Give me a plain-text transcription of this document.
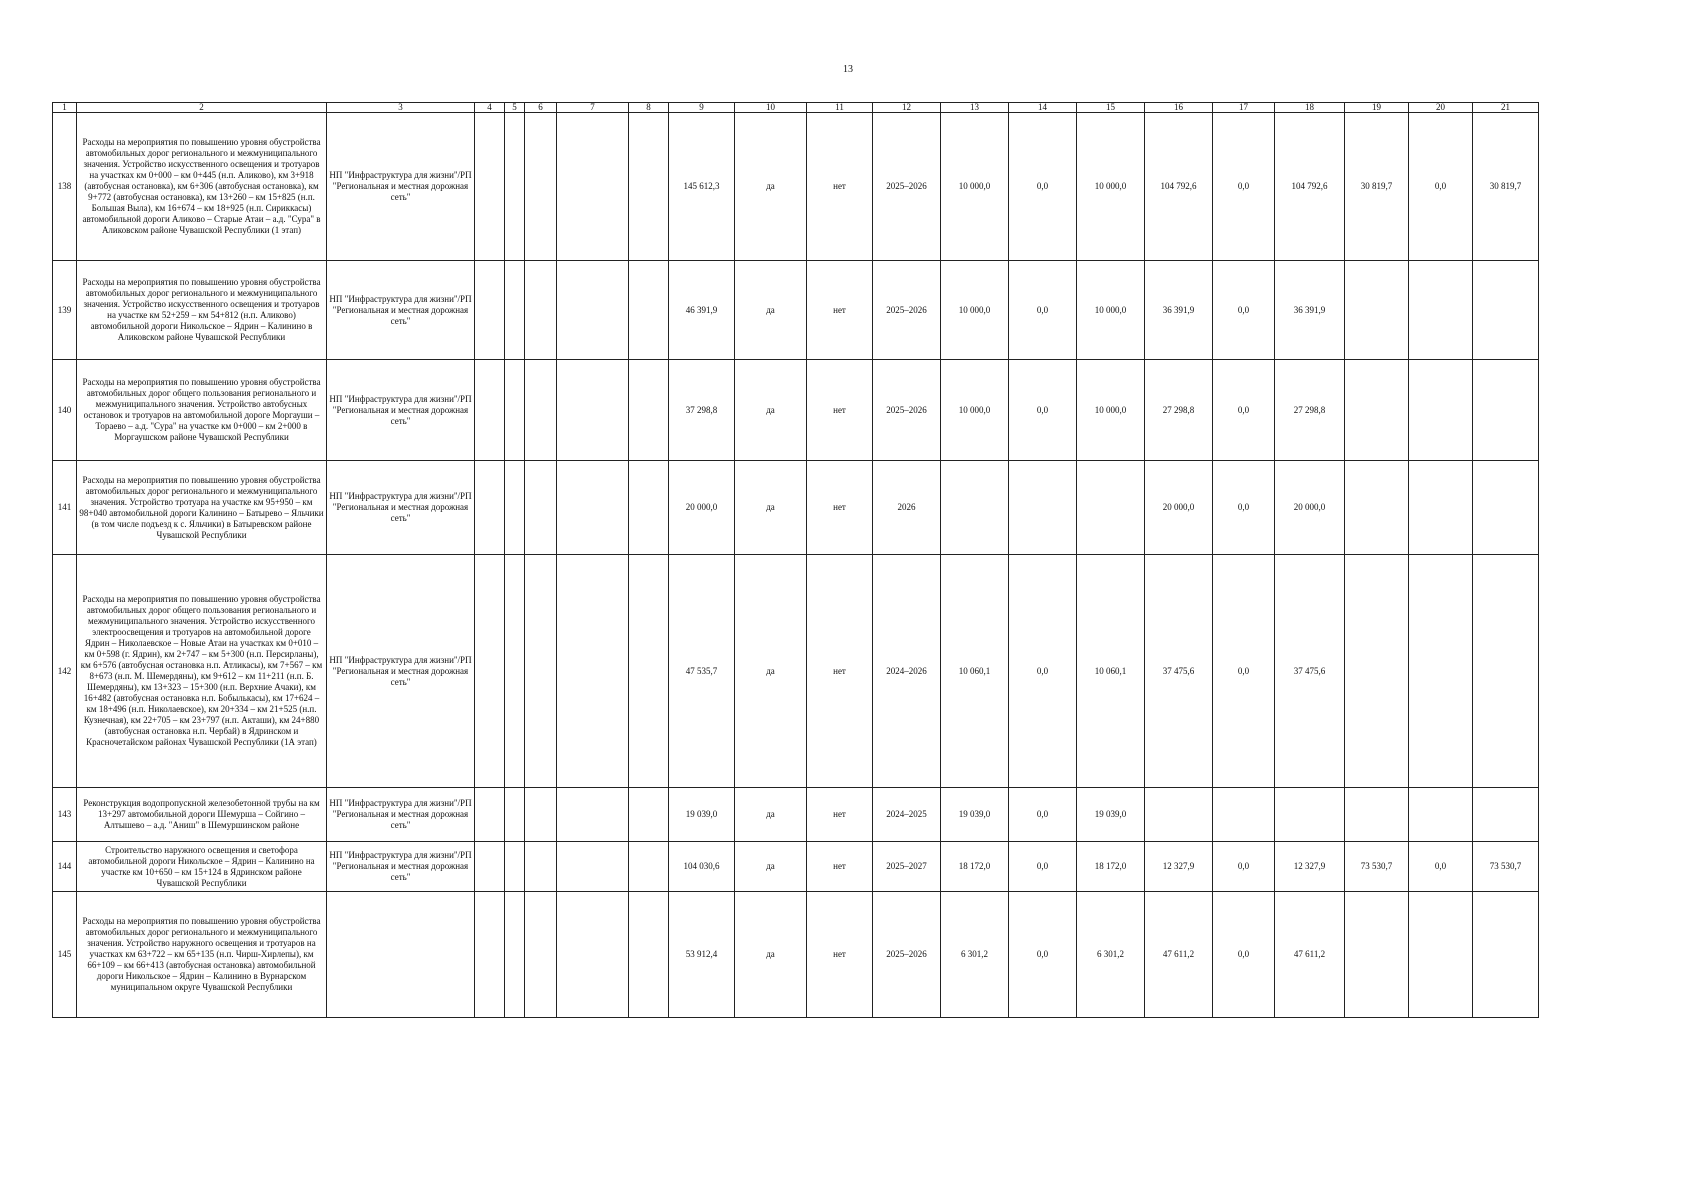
13
1	2	3	4	5	6	7	8	9	10	11	12	13	14	15	16	17	18	19	20	21
138	Расходы на мероприятия по повышению уровня обустройства автомобильных дорог регионального и межмуниципального значения. Устройство искусственного освещения и тротуаров на участках км 0+000 – км 0+445 (н.п. Аликово), км 3+918 (автобусная остановка), км 6+306 (автобусная остановка), км 9+772 (автобусная остановка), км 13+260 – км 15+825 (н.п. Большая Выла), км 16+674 – км 18+925 (н.п. Сириккасы) автомобильной дороги Аликово – Старые Атаи – а.д. "Сура" в Аликовском районе Чувашской Республики (1 этап)	НП "Инфраструктура для жизни"/РП "Региональная и местная дорожная сеть"						145 612,3	да	нет	2025–2026	10 000,0	0,0	10 000,0	104 792,6	0,0	104 792,6	30 819,7	0,0	30 819,7
139	Расходы на мероприятия по повышению уровня обустройства автомобильных дорог регионального и межмуниципального значения. Устройство искусственного освещения и тротуаров на участке км 52+259 – км 54+812 (н.п. Аликово) автомобильной дороги Никольское – Ядрин – Калинино в Аликовском районе Чувашской Республики	НП "Инфраструктура для жизни"/РП "Региональная и местная дорожная сеть"						46 391,9	да	нет	2025–2026	10 000,0	0,0	10 000,0	36 391,9	0,0	36 391,9			
140	Расходы на мероприятия по повышению уровня обустройства автомобильных дорог общего пользования регионального и межмуниципального значения. Устройство автобусных остановок и тротуаров на автомобильной дороге Моргауши – Тораево – а.д. "Сура" на участке км 0+000 – км 2+000 в Моргаушском районе Чувашской Республики	НП "Инфраструктура для жизни"/РП "Региональная и местная дорожная сеть"						37 298,8	да	нет	2025–2026	10 000,0	0,0	10 000,0	27 298,8	0,0	27 298,8			
141	Расходы на мероприятия по повышению уровня обустройства автомобильных дорог регионального и межмуниципального значения. Устройство тротуара на участке км 95+950 – км 98+040 автомобильной дороги Калинино – Батырево – Яльчики (в том числе подъезд к с. Яльчики) в Батыревском районе Чувашской Республики	НП "Инфраструктура для жизни"/РП "Региональная и местная дорожная сеть"						20 000,0	да	нет	2026				20 000,0	0,0	20 000,0			
142	Расходы на мероприятия по повышению уровня обустройства автомобильных дорог общего пользования регионального и межмуниципального значения. Устройство искусственного электроосвещения и тротуаров на автомобильной дороге Ядрин – Николаевское – Новые Атаи на участках км 0+010 – км 0+598 (г. Ядрин), км 2+747 – км 5+300 (н.п. Персирланы), км 6+576 (автобусная остановка н.п. Атликасы), км 7+567 – км 8+673 (н.п. М. Шемердяны), км 9+612 – км 11+211 (н.п. Б. Шемердяны), км 13+323 – 15+300 (н.п. Верхние Ачаки), км 16+482 (автобусная остановка н.п. Бобылькасы), км 17+624 – км 18+496 (н.п. Николаевское), км 20+334 – км 21+525 (н.п. Кузнечная), км 22+705 – км 23+797 (н.п. Акташи), км 24+880 (автобусная остановка н.п. Чербай) в Ядринском и Красночетайском районах Чувашской Республики (1А этап)	НП "Инфраструктура для жизни"/РП "Региональная и местная дорожная сеть"						47 535,7	да	нет	2024–2026	10 060,1	0,0	10 060,1	37 475,6	0,0	37 475,6			
143	Реконструкция водопропускной железобетонной трубы на км 13+297 автомобильной дороги Шемурша – Сойгино – Алтышево – а.д. "Аниш" в Шемуршинском районе	НП "Инфраструктура для жизни"/РП "Региональная и местная дорожная сеть"						19 039,0	да	нет	2024–2025	19 039,0	0,0	19 039,0						
144	Строительство наружного освещения и светофора автомобильной дороги Никольское – Ядрин – Калинино на участке км 10+650 – км 15+124 в Ядринском районе Чувашской Республики	НП "Инфраструктура для жизни"/РП "Региональная и местная дорожная сеть"						104 030,6	да	нет	2025–2027	18 172,0	0,0	18 172,0	12 327,9	0,0	12 327,9	73 530,7	0,0	73 530,7
145	Расходы на мероприятия по повышению уровня обустройства автомобильных дорог регионального и межмуниципального значения. Устройство наружного освещения и тротуаров на участках км 63+722 – км 65+135 (н.п. Чирш-Хирлепы), км 66+109 – км 66+413 (автобусная остановка) автомобильной дороги Никольское – Ядрин – Калинино в Вурнарском муниципальном округе Чувашской Республики							53 912,4	да	нет	2025–2026	6 301,2	0,0	6 301,2	47 611,2	0,0	47 611,2			
